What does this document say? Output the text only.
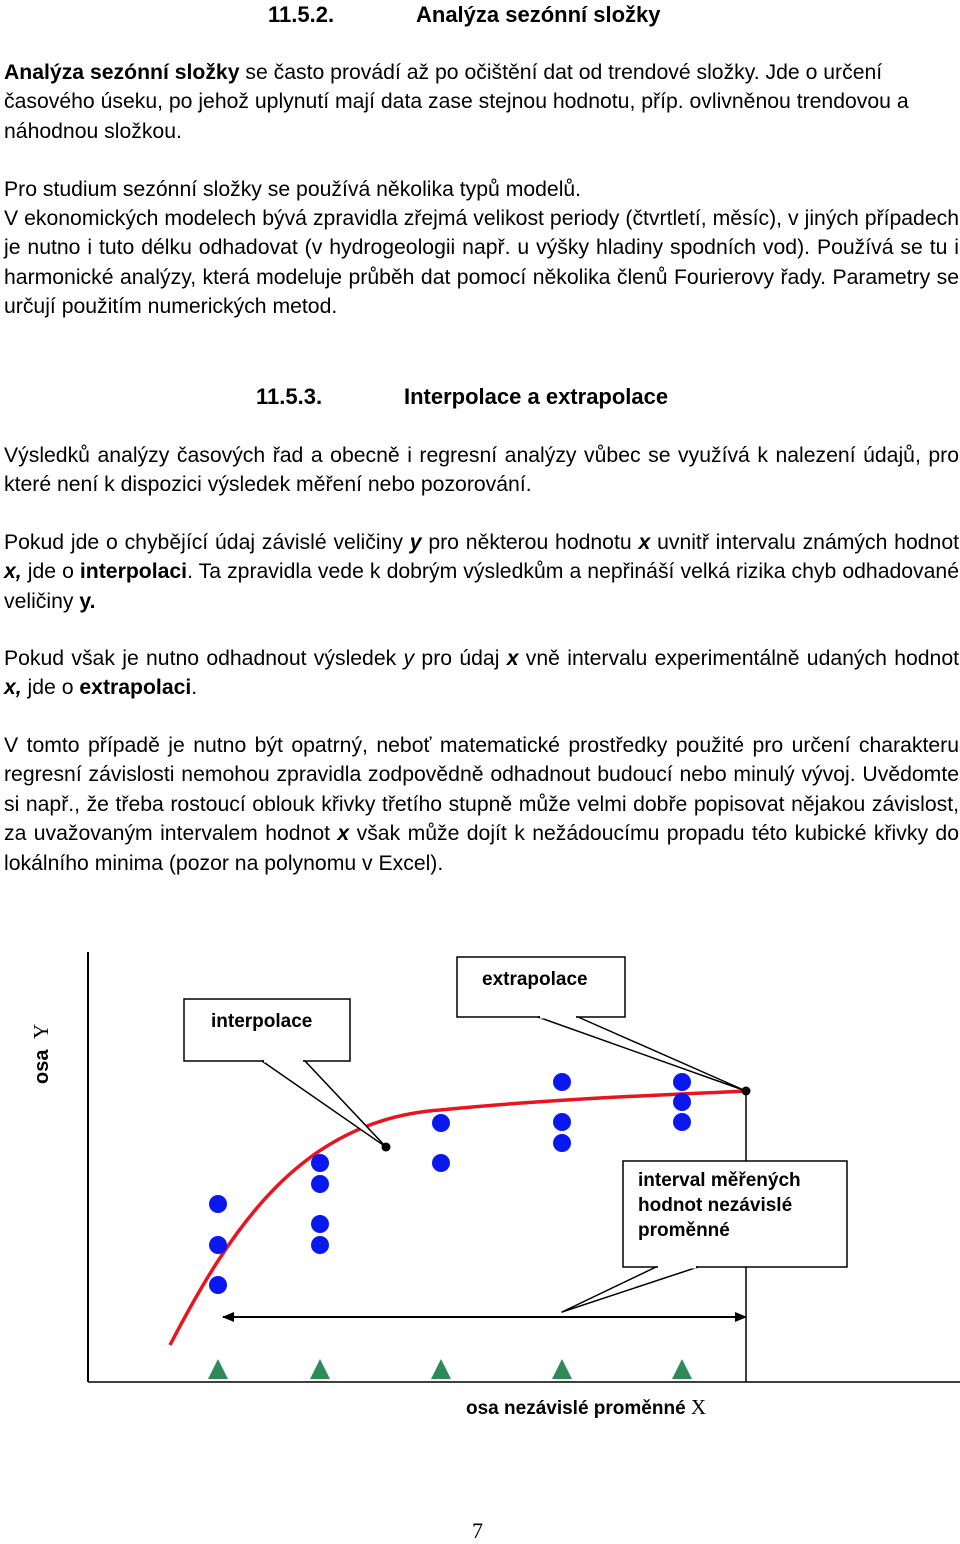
11.5.2.	Analýza sezónní složky
Analýza sezónní složky se často provádí až po očištění dat od trendové složky. Jde o určení časového úseku, po jehož uplynutí mají data zase stejnou hodnotu, příp. ovlivněnou trendovou a náhodnou složkou.
Pro studium sezónní složky se používá několika typů modelů.
V ekonomických modelech bývá zpravidla zřejmá velikost periody (čtvrtletí, měsíc), v jiných případech je nutno i tuto délku odhadovat (v hydrogeologii např. u výšky hladiny spodních vod). Používá se tu i harmonické analýzy, která modeluje průběh dat pomocí několika členů Fourierovy řady. Parametry se určují použitím numerických metod.
11.5.3.	Interpolace a extrapolace
Výsledků analýzy časových řad a obecně i regresní analýzy vůbec se využívá k nalezení údajů, pro které není k dispozici výsledek měření nebo pozorování.
Pokud jde o chybějící údaj závislé veličiny y pro některou hodnotu x uvnitř intervalu známých hodnot x, jde o interpolaci. Ta zpravidla vede k dobrým výsledkům a nepřináší velká rizika chyb odhadované veličiny y.
Pokud však je nutno odhadnout výsledek y pro údaj x vně intervalu experimentálně udaných hodnot x, jde o extrapolaci.
V tomto případě je nutno být opatrný, neboť matematické prostředky použité pro určení charakteru regresní závislosti nemohou zpravidla zodpovědně odhadnout budoucí nebo minulý vývoj. Uvědomte si např., že třeba rostoucí oblouk křivky třetího stupně může velmi dobře popisovat nějakou závislost, za uvažovaným intervalem hodnot x však může dojít k nežádoucímu propadu této kubické křivky do lokálního minima (pozor na polynomu v Excel).
osa
Y	interpolace
extrapolace
interval měřených
hodnot nezávislé
proměnné
osa nezávislé proměnné X
7
